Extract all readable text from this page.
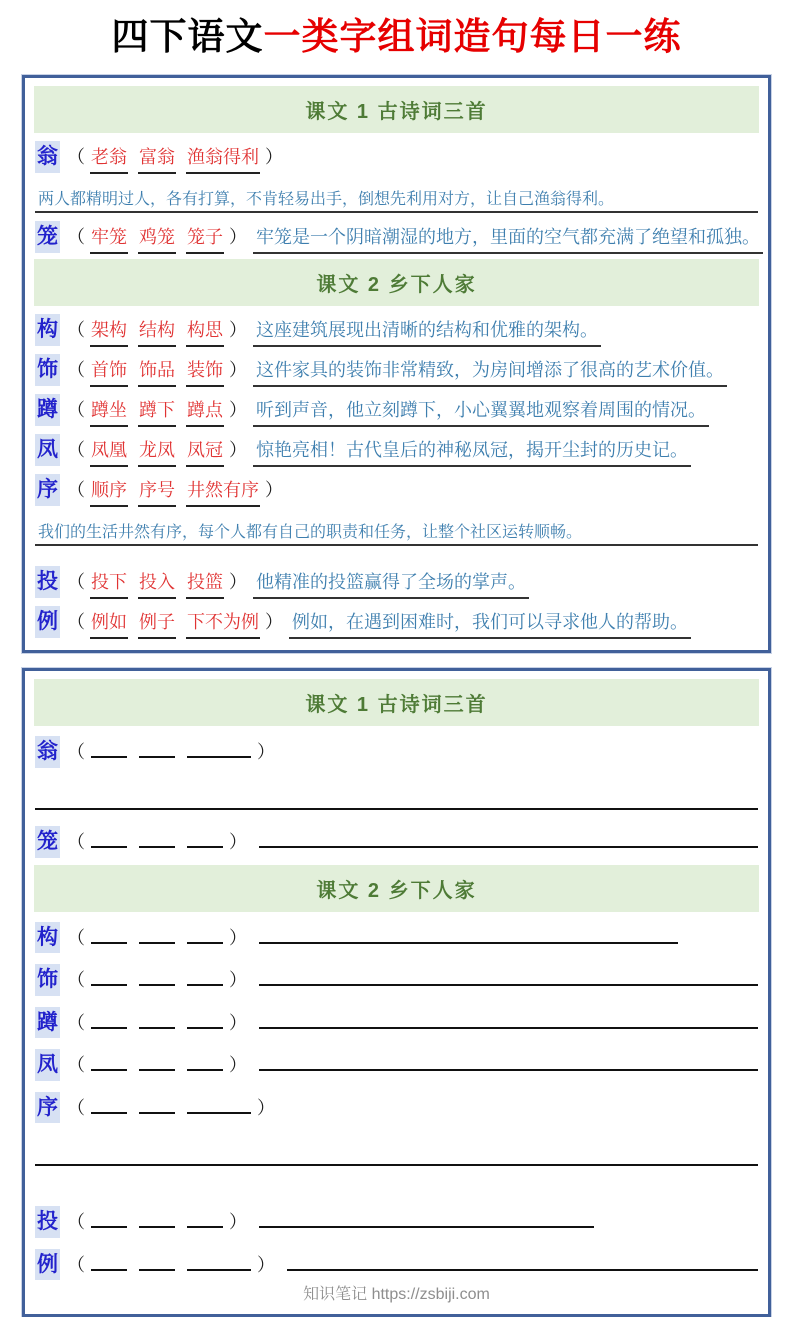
四下语文一类字组词造句每日一练
课文 1 古诗词三首
翁 （ 老翁 富翁 渔翁得利 ）
两人都精明过人，各有打算，不肯轻易出手，倒想先利用对方，让自己渔翁得利。
笼 （ 牢笼 鸡笼 笼子 ） 牢笼是一个阴暗潮湿的地方，里面的空气都充满了绝望和孤独。
课文 2 乡下人家
构 （ 架构 结构 构思 ） 这座建筑展现出清晰的结构和优雅的架构。
饰 （ 首饰 饰品 装饰 ） 这件家具的装饰非常精致，为房间增添了很高的艺术价值。
蹲 （ 蹲坐 蹲下 蹲点 ） 听到声音，他立刻蹲下，小心翼翼地观察着周围的情况。
凤 （ 凤凰 龙凤 凤冠 ） 惊艳亮相！古代皇后的神秘凤冠，揭开尘封的历史记。
序 （ 顺序 序号 井然有序 ）
我们的生活井然有序，每个人都有自己的职责和任务，让整个社区运转顺畅。
投 （ 投下 投入 投篮 ） 他精准的投篮赢得了全场的掌声。
例 （ 例如 例子 下不为例 ） 例如，在遇到困难时，我们可以寻求他人的帮助。
课文 1 古诗词三首
翁 （	）
笼 （	）
课文 2 乡下人家
构 （	）
饰 （	）
蹲 （	）
凤 （	）
序 （	）
投 （	）
例 （	）
知识笔记 https://zsbiji.com
